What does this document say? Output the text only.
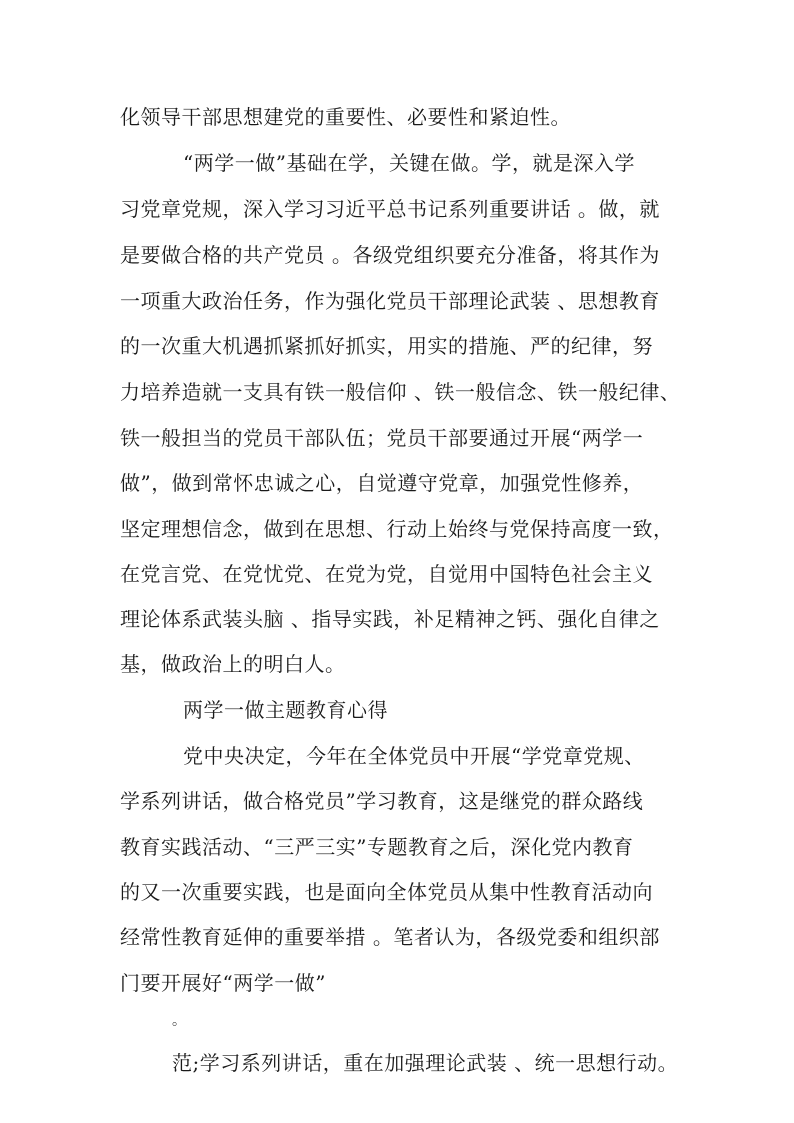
化领导干部思想建党的重要性、必要性和紧迫性。
“两学一做”基础在学，关键在做。学，就是深入学
习党章党规，深入学习习近平总书记系列重要讲话 。做，就
是要做合格的共产党员 。各级党组织要充分准备，将其作为
一项重大政治任务，作为强化党员干部理论武装 、思想教育
的一次重大机遇抓紧抓好抓实，用实的措施、严的纪律，努
力培养造就一支具有铁一般信仰 、铁一般信念、铁一般纪律、
铁一般担当的党员干部队伍；党员干部要通过开展“两学一
做”，做到常怀忠诚之心，自觉遵守党章，加强党性修养，
坚定理想信念，做到在思想、行动上始终与党保持高度一致，
在党言党、在党忧党、在党为党，自觉用中国特色社会主义
理论体系武装头脑 、指导实践，补足精神之钙、强化自律之
基，做政治上的明白人。
两学一做主题教育心得
党中央决定，今年在全体党员中开展“学党章党规、
学系列讲话，做合格党员”学习教育，这是继党的群众路线
教育实践活动、“三严三实”专题教育之后，深化党内教育
的又一次重要实践，也是面向全体党员从集中性教育活动向
经常性教育延伸的重要举措 。笔者认为，各级党委和组织部
门要开展好“两学一做”
。
范;学习系列讲话，重在加强理论武装 、统一思想行动。
